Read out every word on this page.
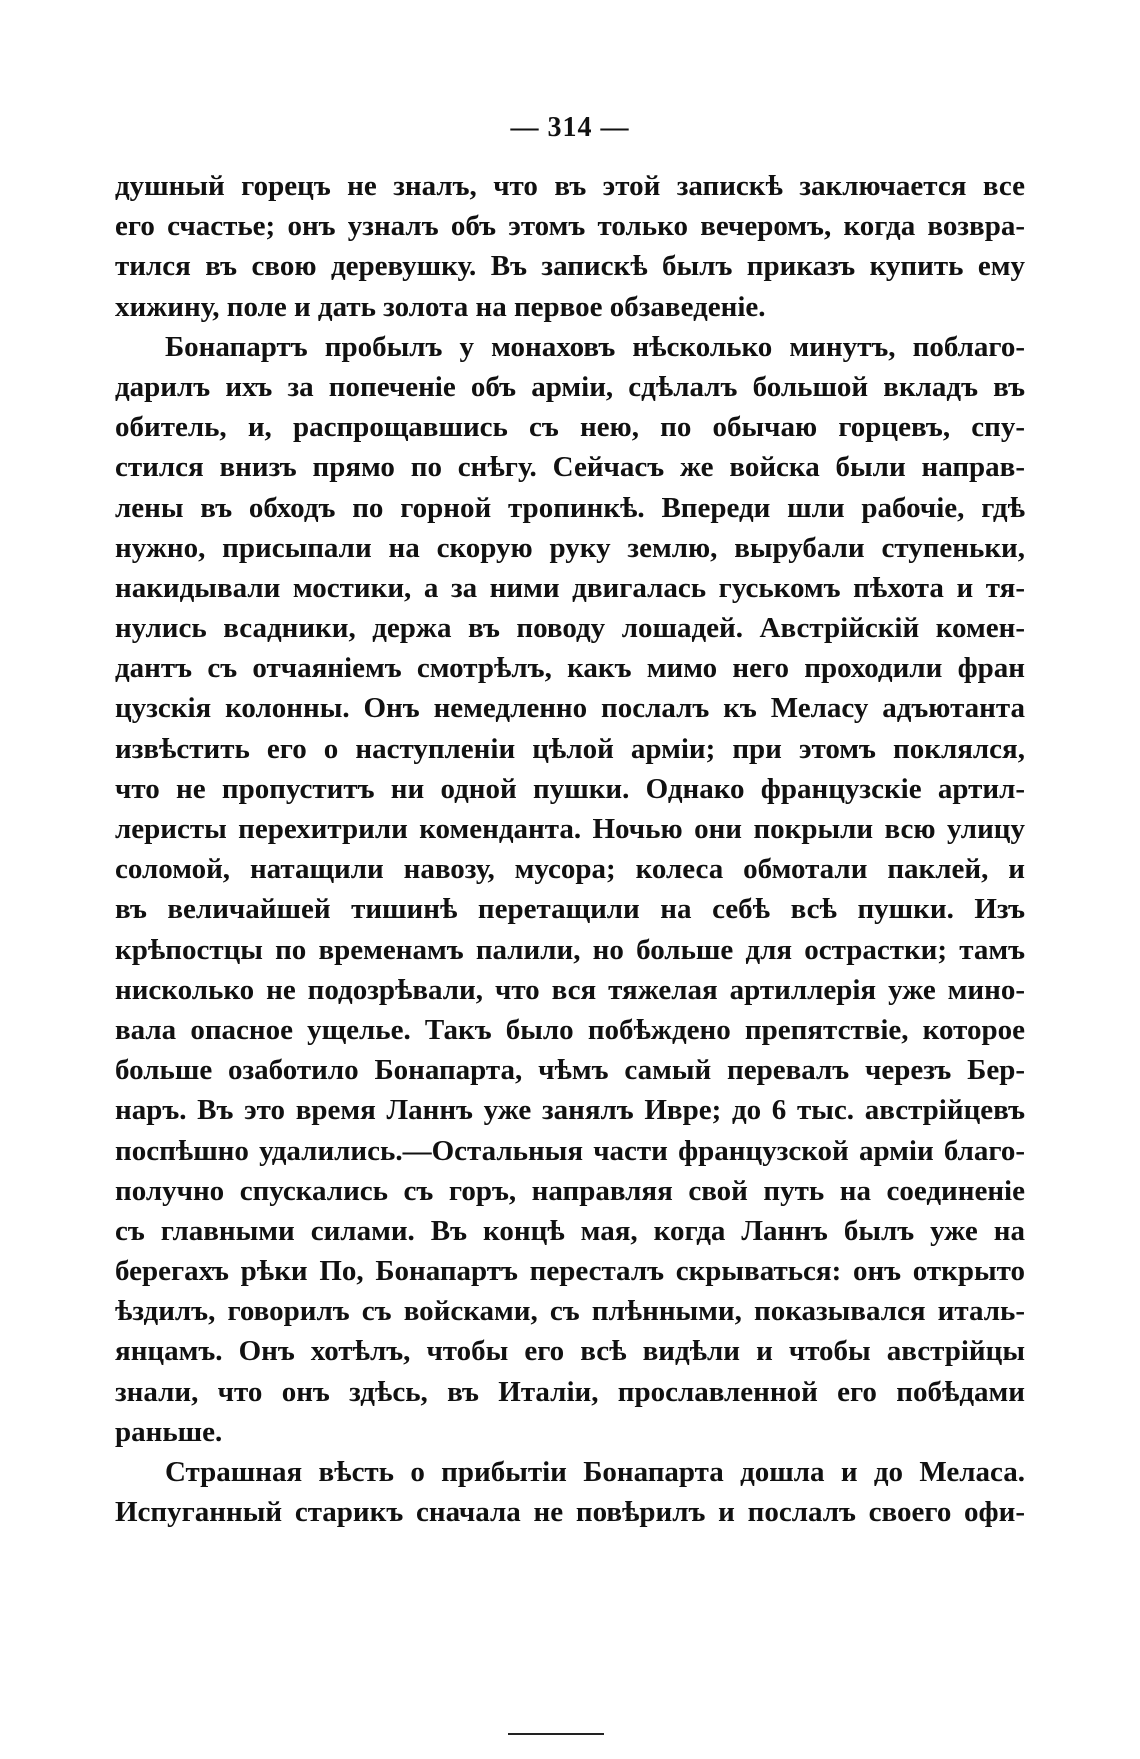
— 314 —
душный горецъ не зналъ, что въ этой запискѣ заключается все
его счастье; онъ узналъ объ этомъ только вечеромъ, когда возвра-
тился въ свою деревушку. Въ запискѣ былъ приказъ купить ему
хижину, поле и дать золота на первое обзаведеніе.
Бонапартъ пробылъ у монаховъ нѣсколько минутъ, поблаго-
дарилъ ихъ за попеченіе объ арміи, сдѣлалъ большой вкладъ въ
обитель, и, распрощавшись съ нею, по обычаю горцевъ, спу-
стился внизъ прямо по снѣгу. Сейчасъ же войска были направ-
лены въ обходъ по горной тропинкѣ. Впереди шли рабочіе, гдѣ
нужно, присыпали на скорую руку землю, вырубали ступеньки,
накидывали мостики, а за ними двигалась гуськомъ пѣхота и тя-
нулись всадники, держа въ поводу лошадей. Австрійскій комен-
дантъ съ отчаяніемъ смотрѣлъ, какъ мимо него проходили фран
цузскія колонны. Онъ немедленно послалъ къ Меласу адъютанта
извѣстить его о наступленіи цѣлой арміи; при этомъ поклялся,
что не пропуститъ ни одной пушки. Однако французскіе артил-
леристы перехитрили коменданта. Ночью они покрыли всю улицу
соломой, натащили навозу, мусора; колеса обмотали паклей, и
въ величайшей тишинѣ перетащили на себѣ всѣ пушки. Изъ
крѣпостцы по временамъ палили, но больше для острастки; тамъ
нисколько не подозрѣвали, что вся тяжелая артиллерія уже мино-
вала опасное ущелье. Такъ было побѣждено препятствіе, которое
больше озаботило Бонапарта, чѣмъ самый перевалъ черезъ Бер-
наръ. Въ это время Ланнъ уже занялъ Ивре; до 6 тыс. австрійцевъ
поспѣшно удалились.—Остальныя части французской арміи благо-
получно спускались съ горъ, направляя свой путь на соединеніе
съ главными силами. Въ концѣ мая, когда Ланнъ былъ уже на
берегахъ рѣки По, Бонапартъ пересталъ скрываться: онъ открыто
ѣздилъ, говорилъ съ войсками, съ плѣнными, показывался италь-
янцамъ. Онъ хотѣлъ, чтобы его всѣ видѣли и чтобы австрійцы
знали, что онъ здѣсь, въ Италіи, прославленной его побѣдами
раньше.
Страшная вѣсть о прибытіи Бонапарта дошла и до Меласа.
Испуганный старикъ сначала не повѣрилъ и послалъ своего офи-
